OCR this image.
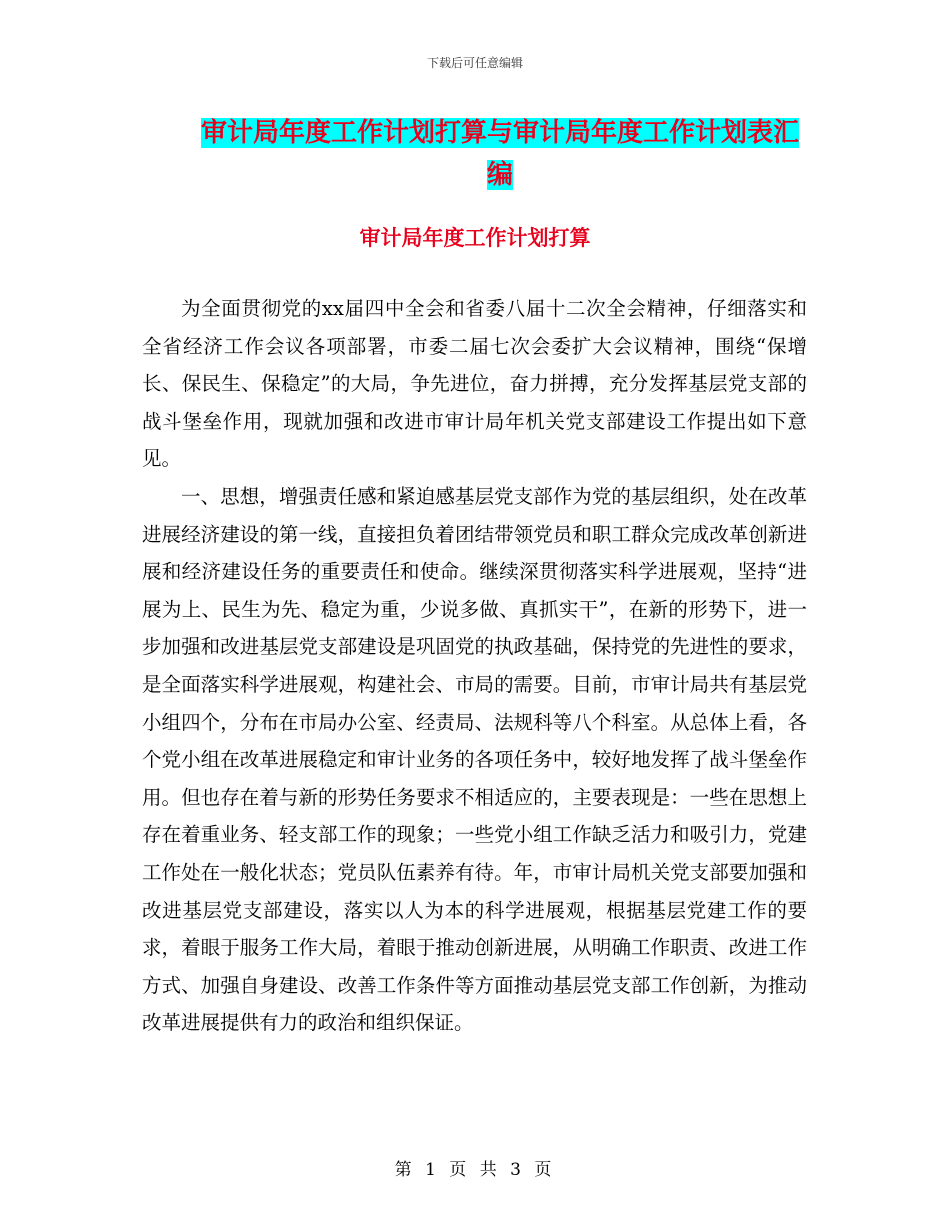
下载后可任意编辑
审计局年度工作计划打算与审计局年度工作计划表汇
编
审计局年度工作计划打算

为全面贯彻党的xx届四中全会和省委八届十二次全会精神，仔细落实和全省经济工作会议各项部署，市委二届七次会委扩大会议精神，围绕“保增长、保民生、保稳定”的大局，争先进位，奋力拼搏，充分发挥基层党支部的战斗堡垒作用，现就加强和改进市审计局年机关党支部建设工作提出如下意见。

一、思想，增强责任感和紧迫感基层党支部作为党的基层组织，处在改革进展经济建设的第一线，直接担负着团结带领党员和职工群众完成改革创新进展和经济建设任务的重要责任和使命。继续深贯彻落实科学进展观，坚持“进展为上、民生为先、稳定为重，少说多做、真抓实干”，在新的形势下，进一步加强和改进基层党支部建设是巩固党的执政基础，保持党的先进性的要求，是全面落实科学进展观，构建社会、市局的需要。目前，市审计局共有基层党小组四个，分布在市局办公室、经责局、法规科等八个科室。从总体上看，各个党小组在改革进展稳定和审计业务的各项任务中，较好地发挥了战斗堡垒作用。但也存在着与新的形势任务要求不相适应的，主要表现是：一些在思想上存在着重业务、轻支部工作的现象；一些党小组工作缺乏活力和吸引力，党建工作处在一般化状态；党员队伍素养有待。年，市审计局机关党支部要加强和改进基层党支部建设，落实以人为本的科学进展观，根据基层党建工作的要求，着眼于服务工作大局，着眼于推动创新进展，从明确工作职责、改进工作方式、加强自身建设、改善工作条件等方面推动基层党支部工作创新，为推动改革进展提供有力的政治和组织保证。

第 1 页 共 3 页
